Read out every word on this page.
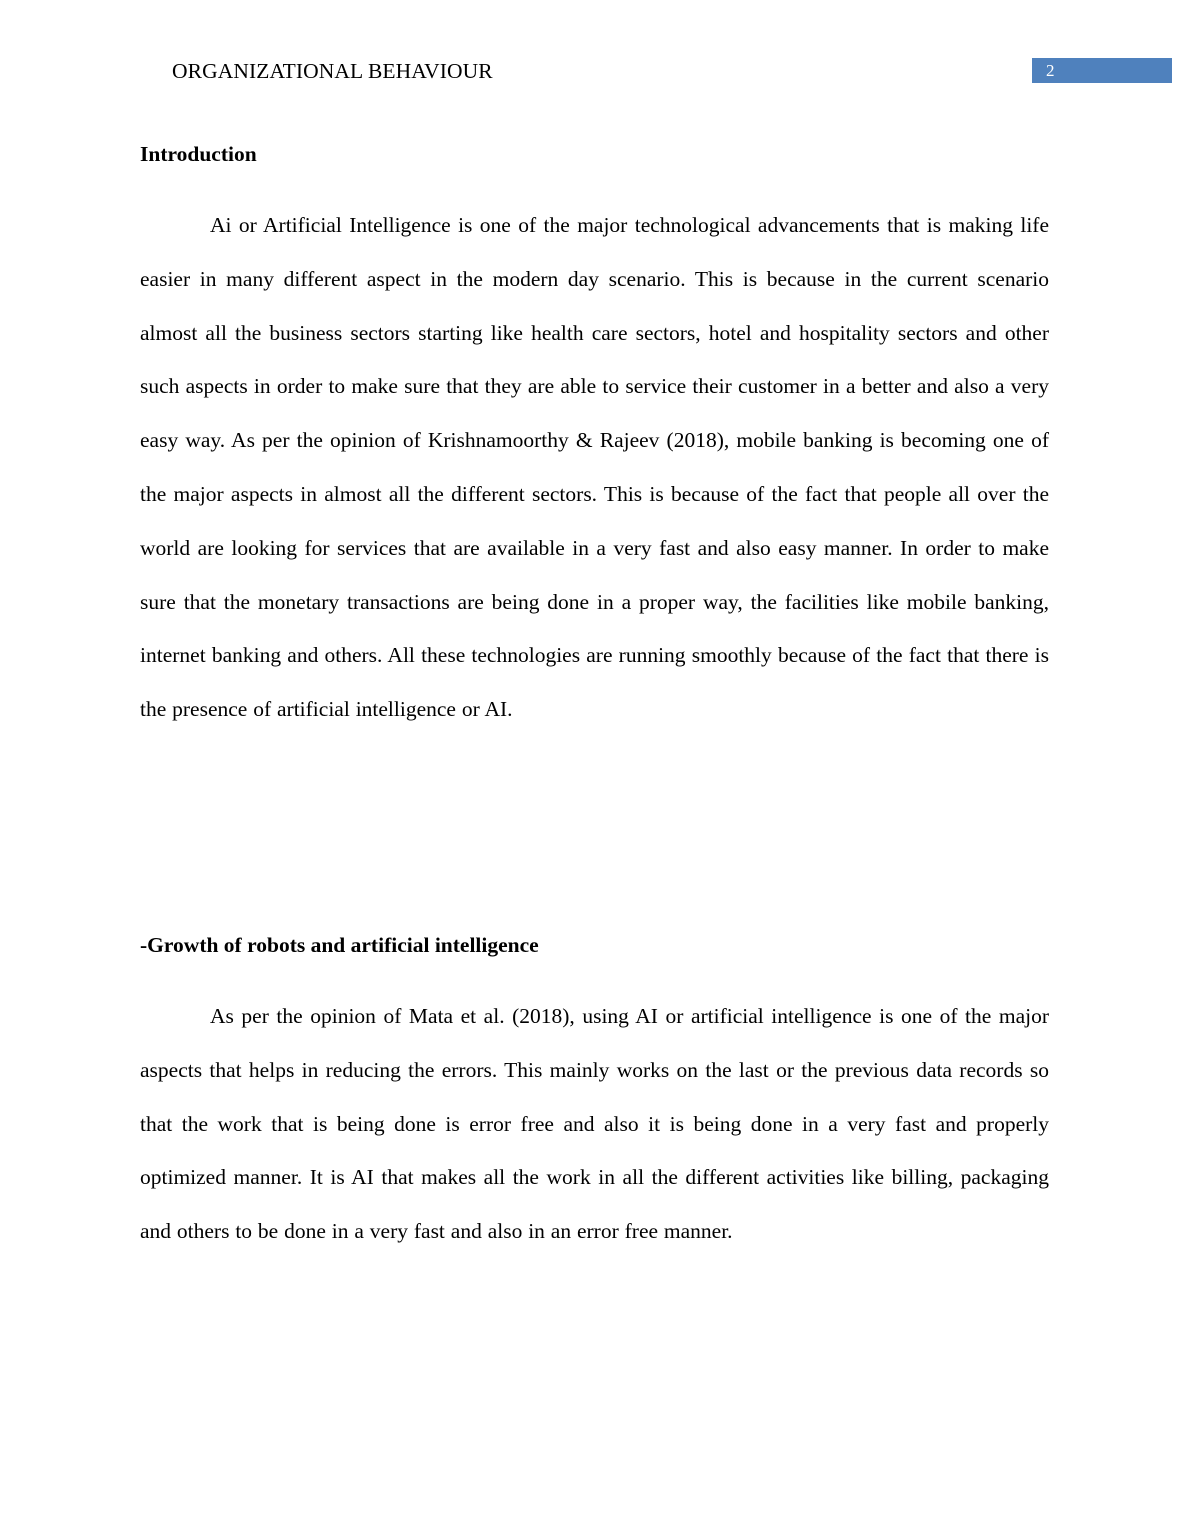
ORGANIZATIONAL BEHAVIOUR	2
Introduction

Ai or Artificial Intelligence is one of the major technological advancements that is making life easier in many different aspect in the modern day scenario. This is because in the current scenario almost all the business sectors starting like health care sectors, hotel and hospitality sectors and other such aspects in order to make sure that they are able to service their customer in a better and also a very easy way. As per the opinion of Krishnamoorthy & Rajeev (2018), mobile banking is becoming one of the major aspects in almost all the different sectors. This is because of the fact that people all over the world are looking for services that are available in a very fast and also easy manner. In order to make sure that the monetary transactions are being done in a proper way, the facilities like mobile banking, internet banking and others. All these technologies are running smoothly because of the fact that there is the presence of artificial intelligence or AI.

-Growth of robots and artificial intelligence

As per the opinion of Mata et al. (2018), using AI or artificial intelligence is one of the major aspects that helps in reducing the errors. This mainly works on the last or the previous data records so that the work that is being done is error free and also it is being done in a very fast and properly optimized manner. It is AI that makes all the work in all the different activities like billing, packaging and others to be done in a very fast and also in an error free manner.
